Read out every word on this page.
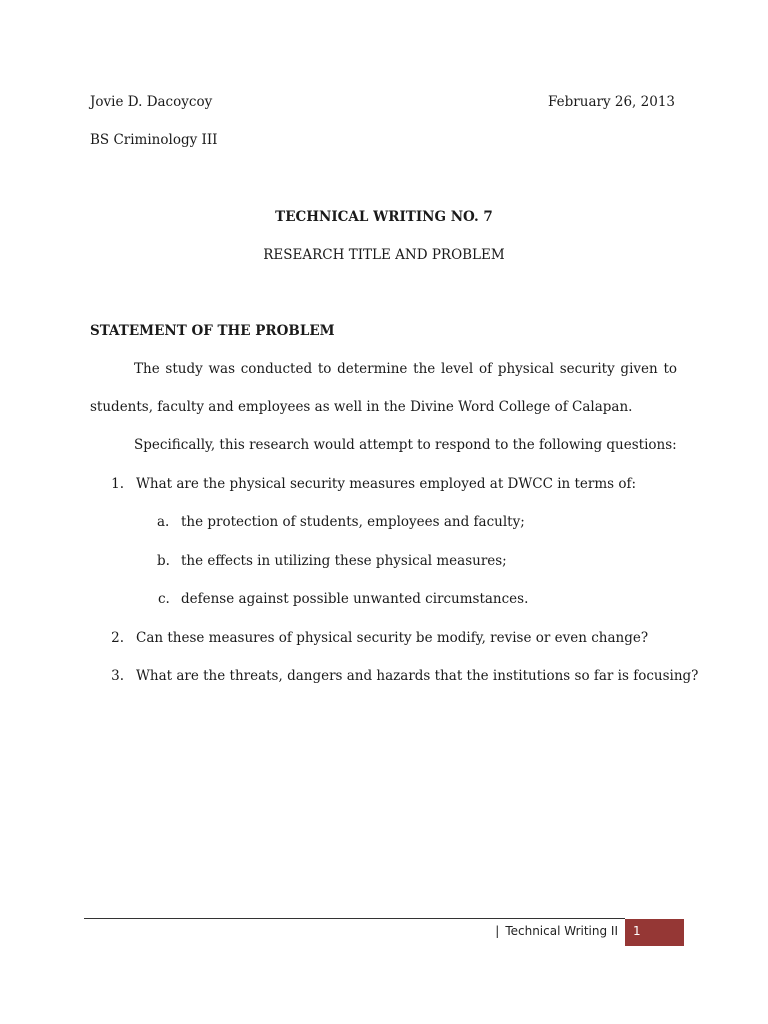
Jovie D. Dacoycoy	February 26, 2013
BS Criminology III
TECHNICAL WRITING NO. 7
RESEARCH TITLE AND PROBLEM
STATEMENT OF THE PROBLEM
The study was conducted to determine the level of physical security given to
students, faculty and employees as well in the Divine Word College of Calapan.
Specifically, this research would attempt to respond to the following questions:
1. What are the physical security measures employed at DWCC in terms of:
a. the protection of students, employees and faculty;
b. the effects in utilizing these physical measures;
c. defense against possible unwanted circumstances.
2. Can these measures of physical security be modify, revise or even change?
3. What are the threats, dangers and hazards that the institutions so far is focusing?
| Technical Writing II 1
